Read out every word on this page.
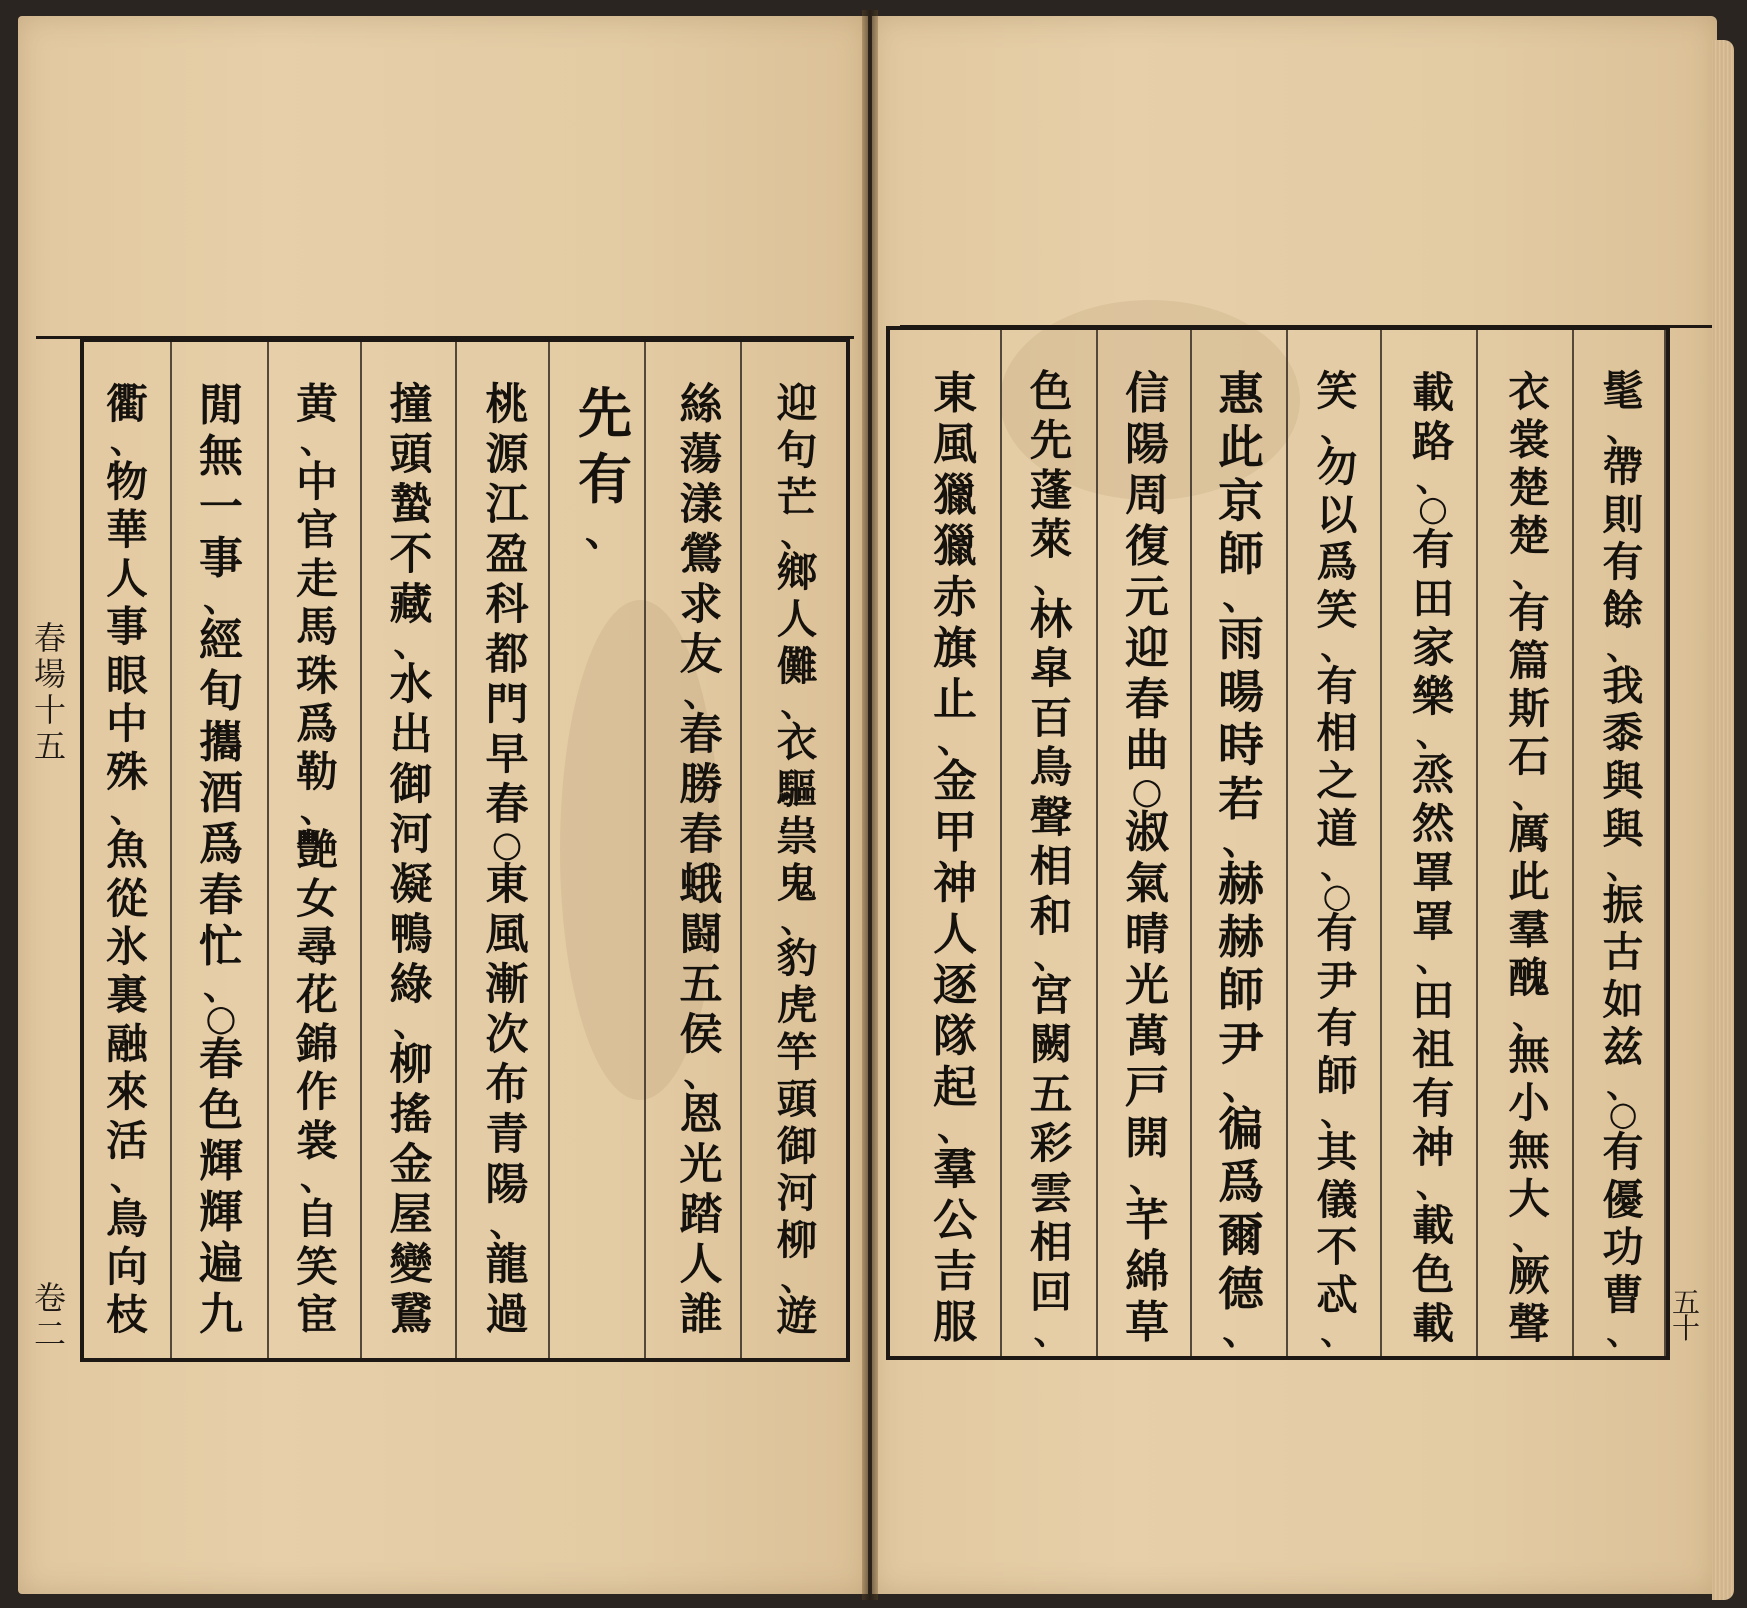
迎
句
芒
、
鄉
人
儺
、
衣
驅
祟
鬼
、
豹
虎
竿
頭
御
河
柳
、
遊
絲
蕩
漾
鶯
求
友
、
春
勝
春
蛾
闘
五
侯
、
恩
光
踏
人
誰
先
有
、
桃
源
江
盈
科
都
門
早
春
○
東
風
漸
次
布
青
陽
、
龍
過
撞
頭
蟄
不
藏
、
水
出
御
河
凝
鴨
綠
、
柳
搖
金
屋
變
鵞
黄
、
中
官
走
馬
珠
爲
勒
、
艷
女
尋
花
錦
作
裳
、
自
笑
宦
閒
無
一
事
、
經
旬
攜
酒
爲
春
忙
、
○
春
色
輝
輝
遍
九
衢
、
物
華
人
事
眼
中
殊
、
魚
從
氷
裏
融
來
活
、
鳥
向
枝
春
場
十
五
卷
二
髦
、
帶
則
有
餘
、
我
黍
與
與
、
振
古
如
兹
、
○
有
優
功
曹
、
衣
裳
楚
楚
、
有
篇
斯
石
、
厲
此
羣
醜
、
無
小
無
大
、
厥
聲
載
路
、
○
有
田
家
樂
、
烝
然
罩
罩
、
田
祖
有
神
、
載
色
載
笑
、
勿
以
爲
笑
、
有
相
之
道
、
○
有
尹
有
師
、
其
儀
不
忒
、
惠
此
京
師
、
雨
暘
時
若
、
赫
赫
師
尹
、
徧
爲
爾
德
、
信
陽
周
復
元
迎
春
曲
○
淑
氣
晴
光
萬
戸
開
、
芊
綿
草
色
先
蓬
萊
、
林
皐
百
鳥
聲
相
和
、
宮
闕
五
彩
雲
相
回
、
東
風
獵
獵
赤
旗
止
、
金
甲
神
人
逐
隊
起
、
羣
公
吉
服	五
十
